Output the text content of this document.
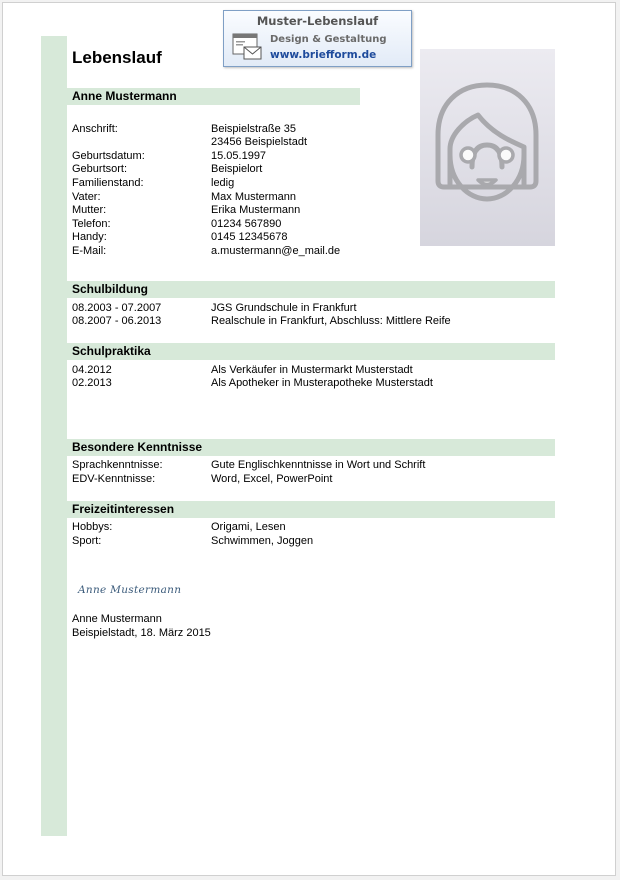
Muster-Lebenslauf
Design & Gestaltung
www.briefform.de
Lebenslauf
Anne Mustermann
Anschrift:	Beispielstraße 35
23456 Beispielstadt
Geburtsdatum:	15.05.1997
Geburtsort:	Beispielort
Familienstand:	ledig
Vater:	Max Mustermann
Mutter:	Erika Mustermann
Telefon:	01234 567890
Handy:	0145 12345678
E-Mail:	a.mustermann@e_mail.de
Schulbildung
08.2003 - 07.2007	JGS Grundschule in Frankfurt
08.2007 - 06.2013	Realschule in Frankfurt, Abschluss: Mittlere Reife
Schulpraktika
04.2012	Als Verkäufer in Mustermarkt Musterstadt
02.2013	Als Apotheker in Musterapotheke Musterstadt
Besondere Kenntnisse
Sprachkenntnisse:	Gute Englischkenntnisse in Wort und Schrift
EDV-Kenntnisse:	Word, Excel, PowerPoint
Freizeitinteressen
Hobbys:	Origami, Lesen
Sport:	Schwimmen, Joggen
Anne Mustermann
Anne Mustermann
Beispielstadt, 18. März 2015
